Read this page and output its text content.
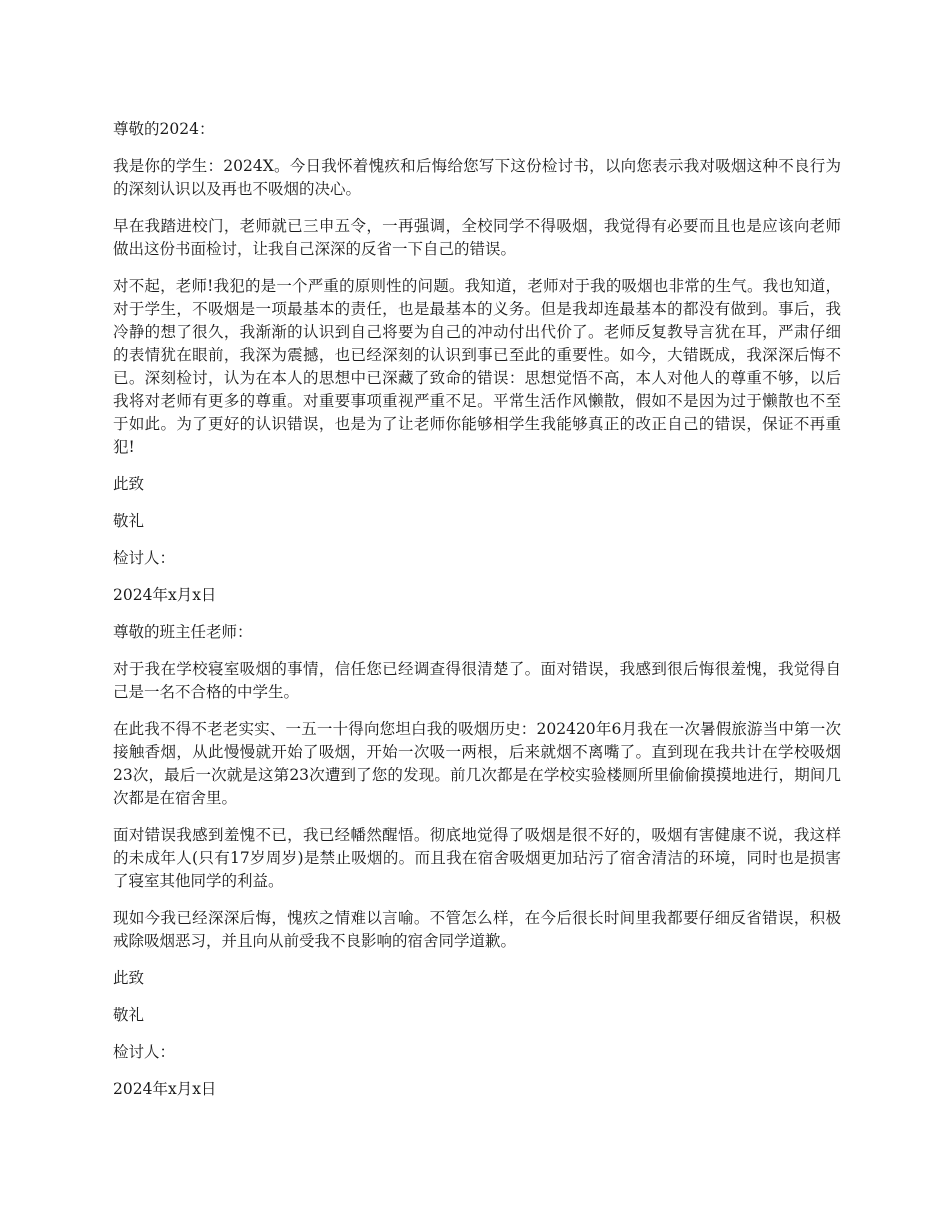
尊敬的2024：

我是你的学生：2024X。今日我怀着愧疚和后悔给您写下这份检讨书，以向您表示我对吸烟这种不良行为的深刻认识以及再也不吸烟的决心。

早在我踏进校门，老师就已三申五令，一再强调，全校同学不得吸烟，我觉得有必要而且也是应该向老师做出这份书面检讨，让我自己深深的反省一下自己的错误。

对不起，老师!我犯的是一个严重的原则性的问题。我知道，老师对于我的吸烟也非常的生气。我也知道，对于学生，不吸烟是一项最基本的责任，也是最基本的义务。但是我却连最基本的都没有做到。事后，我冷静的想了很久，我渐渐的认识到自己将要为自己的冲动付出代价了。老师反复教导言犹在耳，严肃仔细的表情犹在眼前，我深为震撼，也已经深刻的认识到事已至此的重要性。如今，大错既成，我深深后悔不已。深刻检讨，认为在本人的思想中已深藏了致命的错误：思想觉悟不高，本人对他人的尊重不够，以后我将对老师有更多的尊重。对重要事项重视严重不足。平常生活作风懒散，假如不是因为过于懒散也不至于如此。为了更好的认识错误，也是为了让老师你能够相学生我能够真正的改正自己的错误，保证不再重犯!

此致

敬礼

检讨人：

2024年x月x日

尊敬的班主任老师：

对于我在学校寝室吸烟的事情，信任您已经调查得很清楚了。面对错误，我感到很后悔很羞愧，我觉得自己是一名不合格的中学生。

在此我不得不老老实实、一五一十得向您坦白我的吸烟历史：202420年6月我在一次暑假旅游当中第一次接触香烟，从此慢慢就开始了吸烟，开始一次吸一两根，后来就烟不离嘴了。直到现在我共计在学校吸烟23次，最后一次就是这第23次遭到了您的发现。前几次都是在学校实验楼厕所里偷偷摸摸地进行，期间几次都是在宿舍里。

面对错误我感到羞愧不已，我已经幡然醒悟。彻底地觉得了吸烟是很不好的，吸烟有害健康不说，我这样的未成年人(只有17岁周岁)是禁止吸烟的。而且我在宿舍吸烟更加玷污了宿舍清洁的环境，同时也是损害了寝室其他同学的利益。

现如今我已经深深后悔，愧疚之情难以言喻。不管怎么样，在今后很长时间里我都要仔细反省错误，积极戒除吸烟恶习，并且向从前受我不良影响的宿舍同学道歉。

此致

敬礼

检讨人：

2024年x月x日
